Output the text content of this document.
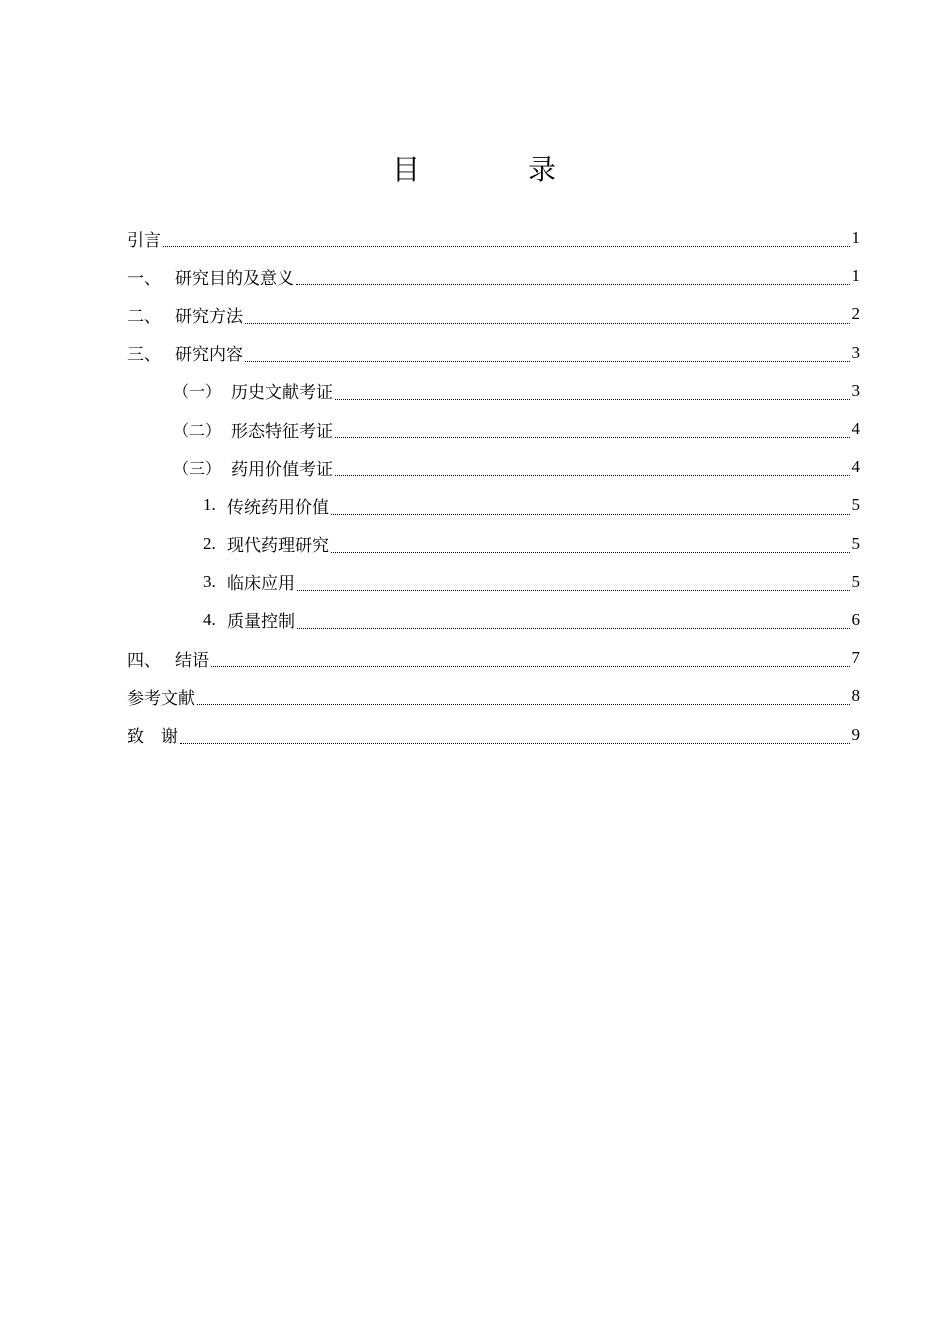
目　录
引言	1
一、 研究目的及意义	1
二、 研究方法	2
三、 研究内容	3
（一） 历史文献考证	3
（二） 形态特征考证	4
（三） 药用价值考证	4
1. 传统药用价值	5
2. 现代药理研究	5
3. 临床应用	5
4. 质量控制	6
四、 结语	7
参考文献	8
致　谢	9
